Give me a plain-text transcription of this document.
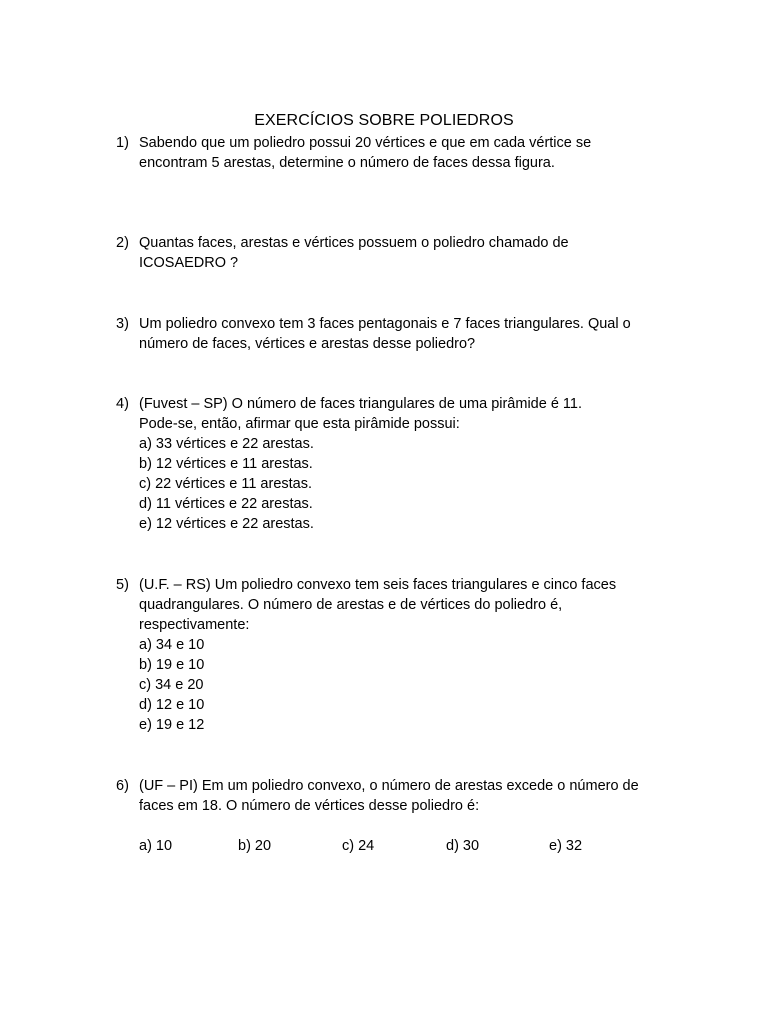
EXERCÍCIOS SOBRE POLIEDROS
1) Sabendo que um poliedro possui 20 vértices e que em cada vértice se
encontram 5 arestas, determine o número de faces dessa figura.
2) Quantas faces, arestas e vértices possuem o poliedro chamado de
ICOSAEDRO ?
3) Um poliedro convexo tem 3 faces pentagonais e 7 faces triangulares. Qual o
número de faces, vértices e arestas desse poliedro?
4) (Fuvest – SP) O número de faces triangulares de uma pirâmide é 11.
Pode-se, então, afirmar que esta pirâmide possui:
a) 33 vértices e 22 arestas.
b) 12 vértices e 11 arestas.
c) 22 vértices e 11 arestas.
d) 11 vértices e 22 arestas.
e) 12 vértices e 22 arestas.
5) (U.F. – RS) Um poliedro convexo tem seis faces triangulares e cinco faces
quadrangulares. O número de arestas e de vértices do poliedro é,
respectivamente:
a) 34 e 10
b) 19 e 10
c) 34 e 20
d) 12 e 10
e) 19 e 12
6) (UF – PI) Em um poliedro convexo, o número de arestas excede o número de
faces em 18. O número de vértices desse poliedro é:
a) 10	b) 20	c) 24	d) 30	e) 32
